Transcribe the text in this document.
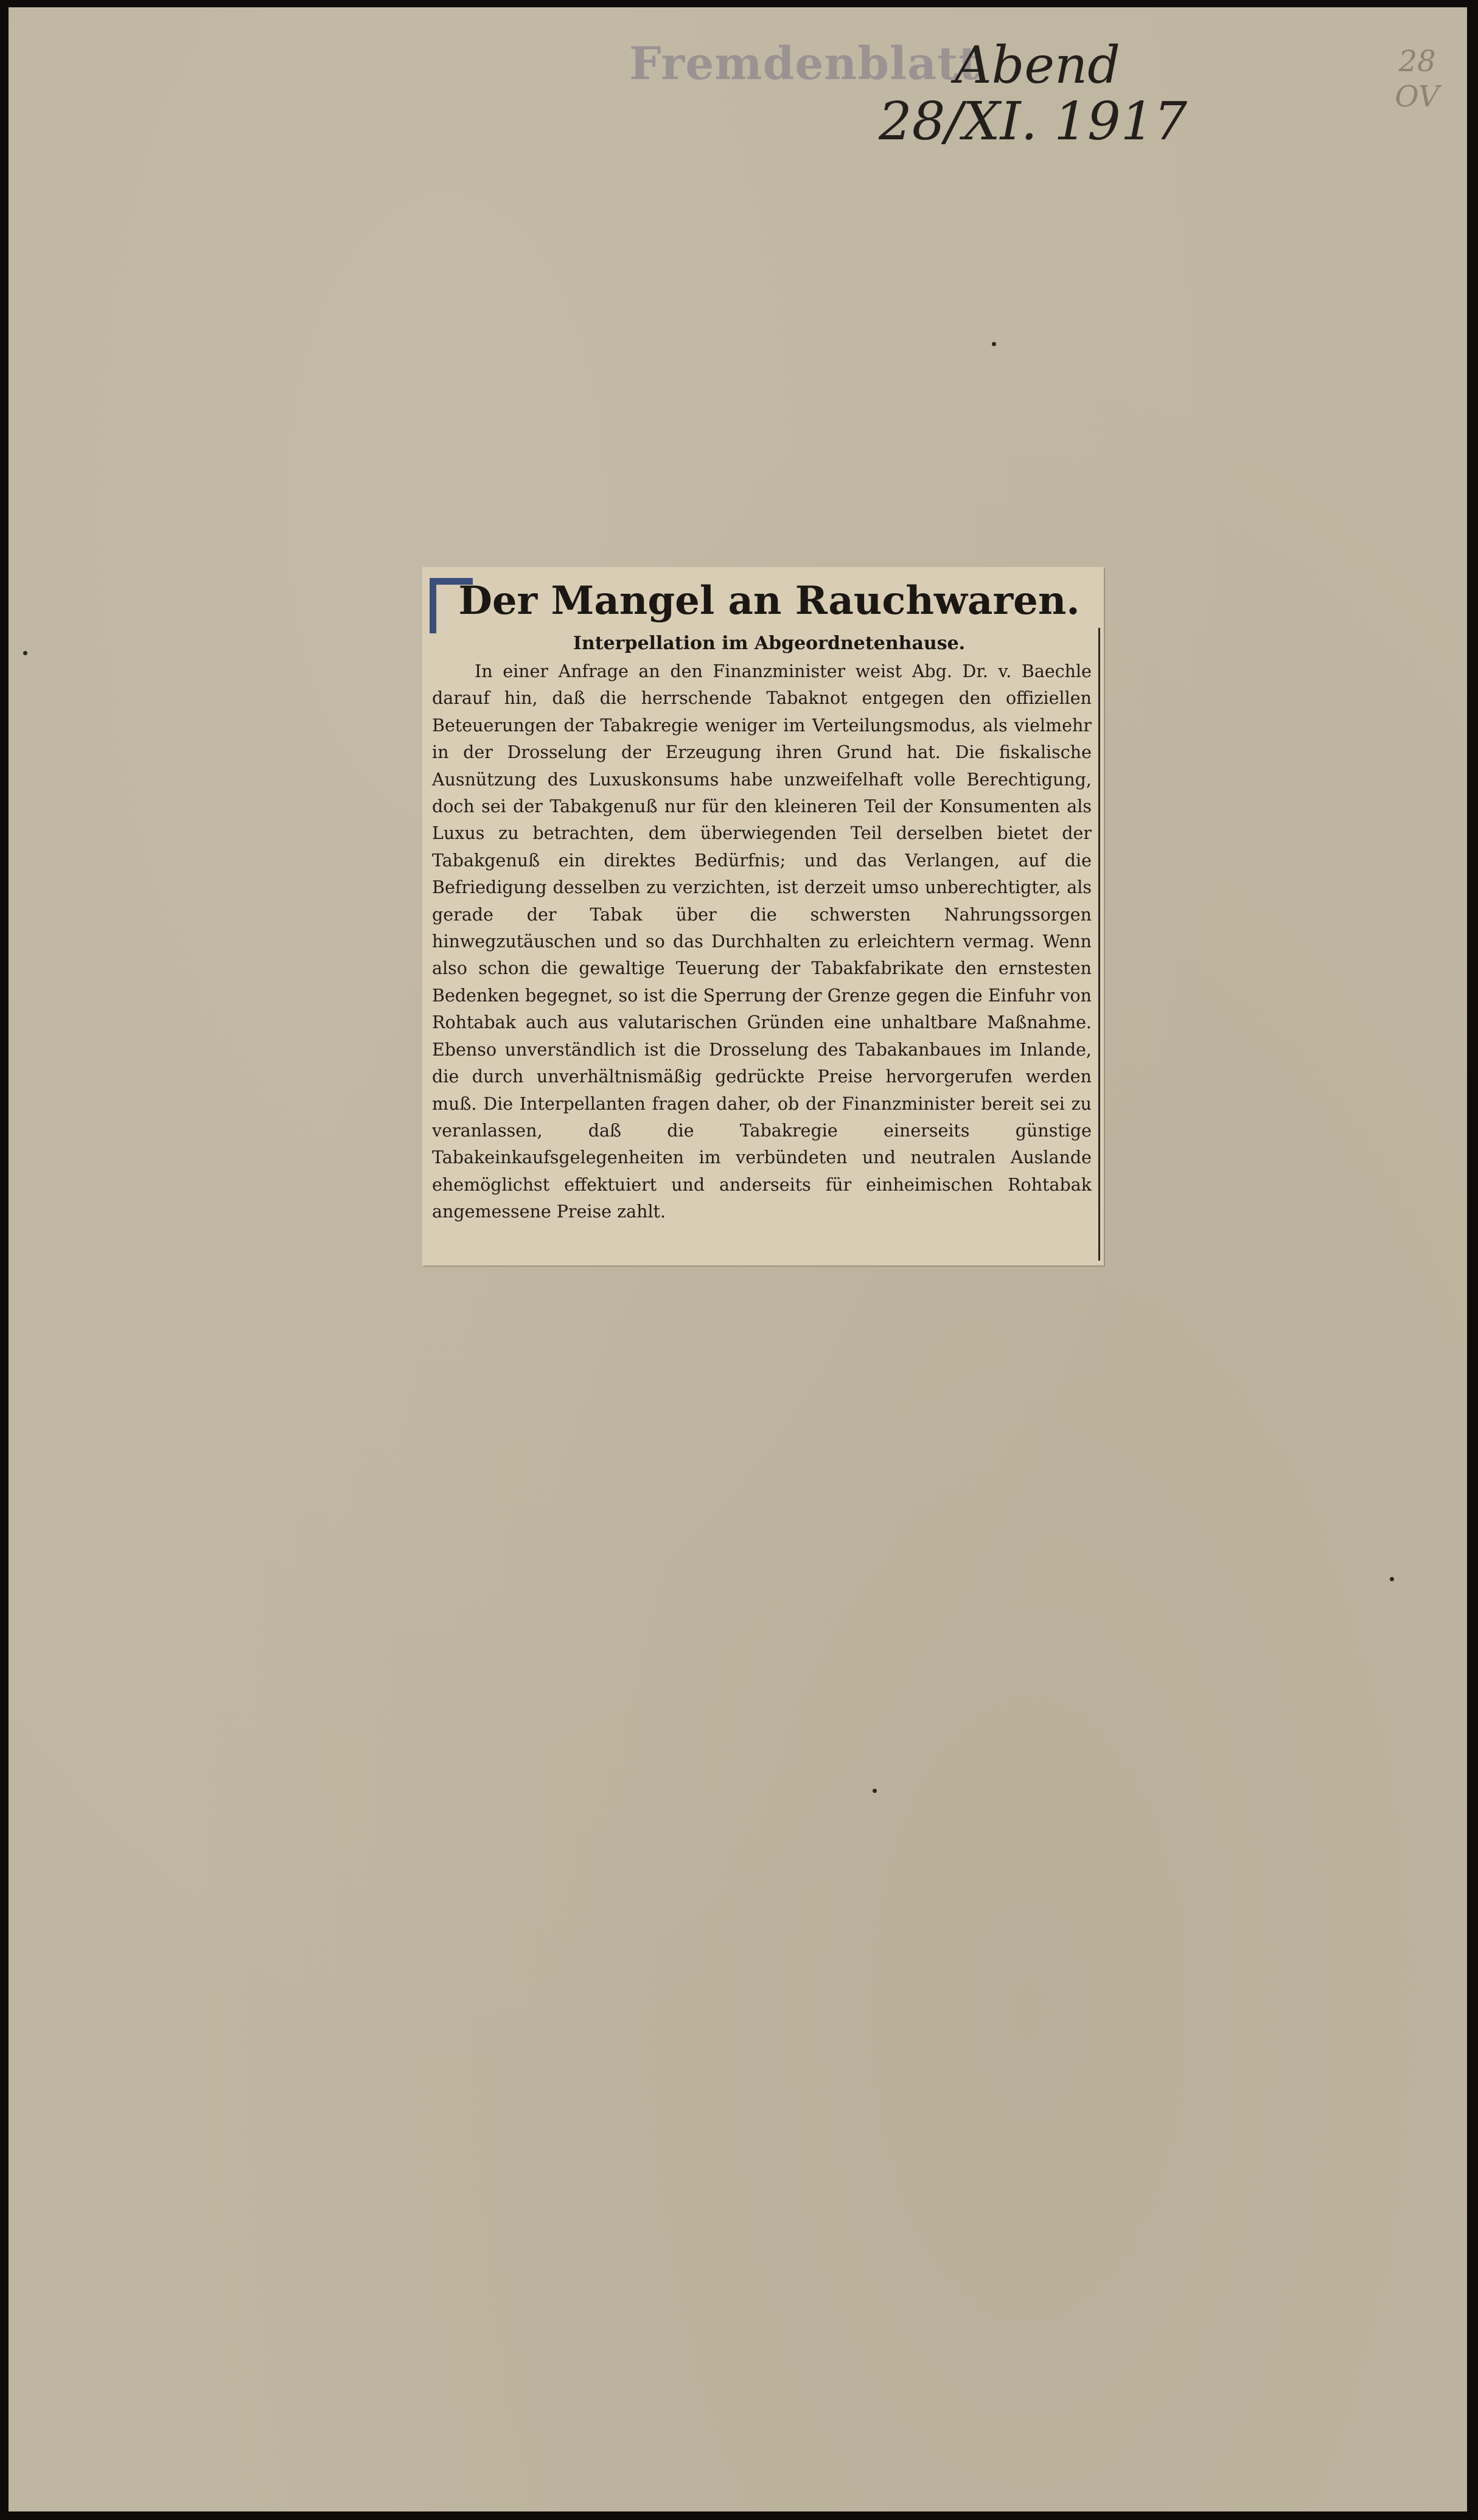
Fremdenblatt
Abend
28/XI. 1917
28 OV
Der Mangel an Rauchwaren.
Interpellation im Abgeordnetenhause.
In einer Anfrage an den Finanzminister weist Abg. Dr. v. Baechle darauf hin, daß die herrschende Tabaknot entgegen den offiziellen Beteuerungen der Tabakregie weniger im Verteilungsmodus, als vielmehr in der Drosselung der Erzeugung ihren Grund hat. Die fiskalische Ausnützung des Luxuskonsums habe unzweifelhaft volle Berechtigung, doch sei der Tabakgenuß nur für den kleineren Teil der Konsumenten als Luxus zu betrachten, dem überwiegenden Teil derselben bietet der Tabakgenuß ein direktes Bedürfnis; und das Verlangen, auf die Befriedigung desselben zu verzichten, ist derzeit umso unberechtigter, als gerade der Tabak über die schwersten Nahrungssorgen hinwegzutäuschen und so das Durchhalten zu erleichtern vermag. Wenn also schon die gewaltige Teuerung der Tabakfabrikate den ernstesten Bedenken begegnet, so ist die Sperrung der Grenze gegen die Einfuhr von Rohtabak auch aus valutarischen Gründen eine unhaltbare Maßnahme. Ebenso unverständlich ist die Drosselung des Tabakanbaues im Inlande, die durch unverhältnismäßig gedrückte Preise hervorgerufen werden muß. Die Interpellanten fragen daher, ob der Finanzminister bereit sei zu veranlassen, daß die Tabakregie einerseits günstige Tabakeinkaufsgelegenheiten im verbündeten und neutralen Auslande ehemöglichst effektuiert und anderseits für einheimischen Rohtabak angemessene Preise zahlt.
